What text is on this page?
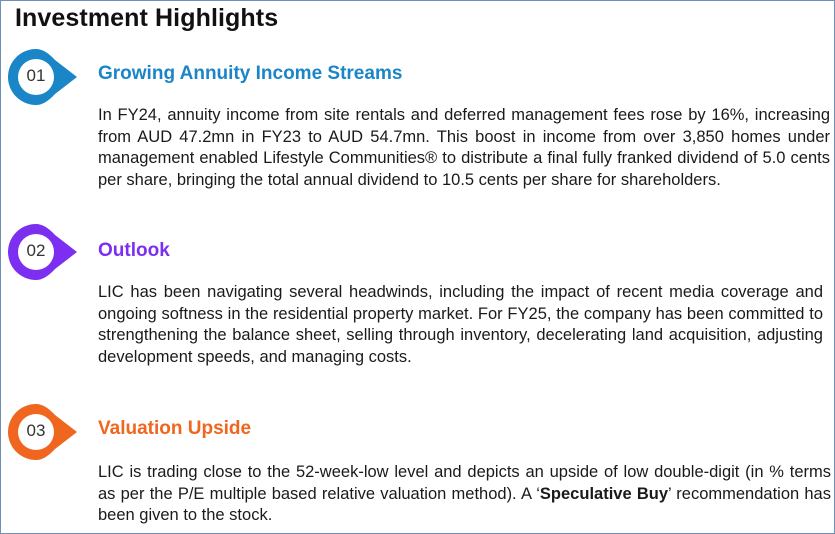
Investment Highlights
01	Growing Annuity Income Streams

In FY24, annuity income from site rentals and deferred management fees rose by 16%, increasing from AUD 47.2mn in FY23 to AUD 54.7mn. This boost in income from over 3,850 homes under management enabled Lifestyle Communities® to distribute a final fully franked dividend of 5.0 cents per share, bringing the total annual dividend to 10.5 cents per share for shareholders.

02	Outlook

LIC has been navigating several headwinds, including the impact of recent media coverage and ongoing softness in the residential property market. For FY25, the company has been committed to strengthening the balance sheet, selling through inventory, decelerating land acquisition, adjusting development speeds, and managing costs.

03	Valuation Upside

LIC is trading close to the 52-week-low level and depicts an upside of low double-digit (in % terms as per the P/E multiple based relative valuation method). A ‘Speculative Buy’ recommendation has been given to the stock.
